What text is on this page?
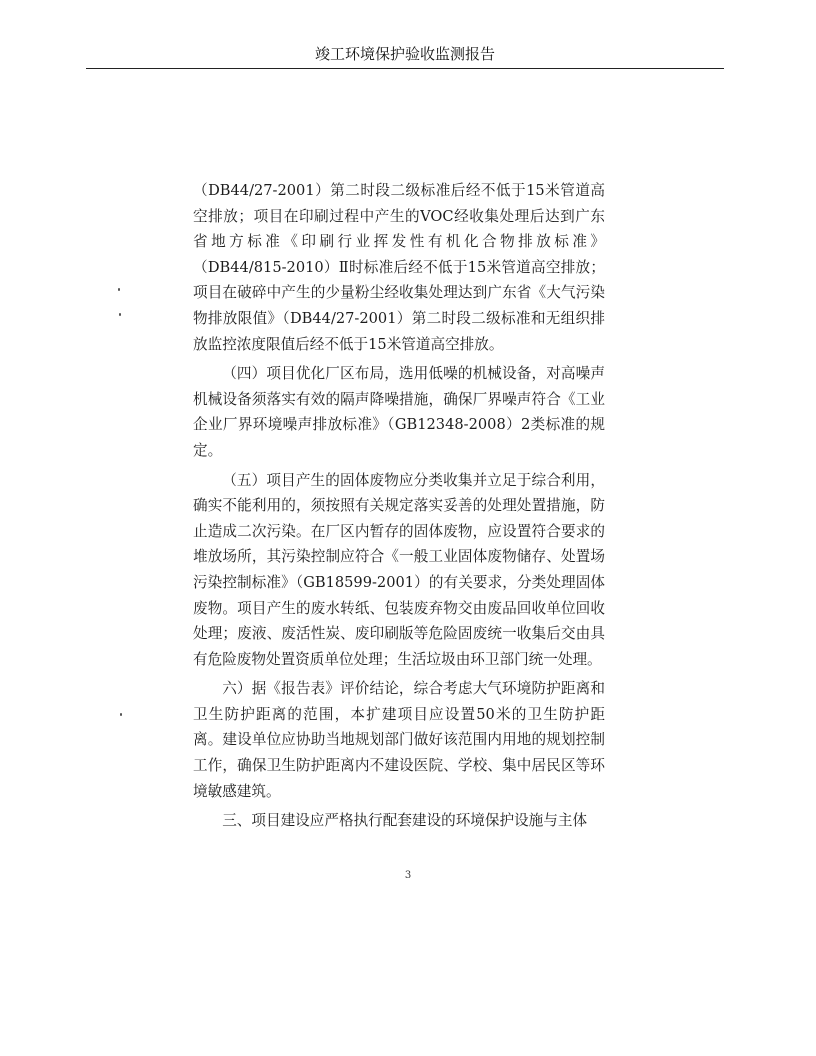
竣工环境保护验收监测报告

（DB44/27-2001）第二时段二级标准后经不低于15米管道高空排放；项目在印刷过程中产生的VOC经收集处理后达到广东省地方标准《印刷行业挥发性有机化合物排放标准》（DB44/815-2010）Ⅱ时标准后经不低于15米管道高空排放；项目在破碎中产生的少量粉尘经收集处理达到广东省《大气污染物排放限值》（DB44/27-2001）第二时段二级标准和无组织排放监控浓度限值后经不低于15米管道高空排放。

（四）项目优化厂区布局，选用低噪的机械设备，对高噪声机械设备须落实有效的隔声降噪措施，确保厂界噪声符合《工业企业厂界环境噪声排放标准》（GB12348-2008）2类标准的规定。

（五）项目产生的固体废物应分类收集并立足于综合利用，确实不能利用的，须按照有关规定落实妥善的处理处置措施，防止造成二次污染。在厂区内暂存的固体废物，应设置符合要求的堆放场所，其污染控制应符合《一般工业固体废物储存、处置场污染控制标准》（GB18599-2001）的有关要求，分类处理固体废物。项目产生的废水转纸、包装废弃物交由废品回收单位回收处理；废液、废活性炭、废印刷版等危险固废统一收集后交由具有危险废物处置资质单位处理；生活垃圾由环卫部门统一处理。

六）据《报告表》评价结论，综合考虑大气环境防护距离和卫生防护距离的范围，本扩建项目应设置50米的卫生防护距离。建设单位应协助当地规划部门做好该范围内用地的规划控制工作，确保卫生防护距离内不建设医院、学校、集中居民区等环境敏感建筑。

三、项目建设应严格执行配套建设的环境保护设施与主体

3
